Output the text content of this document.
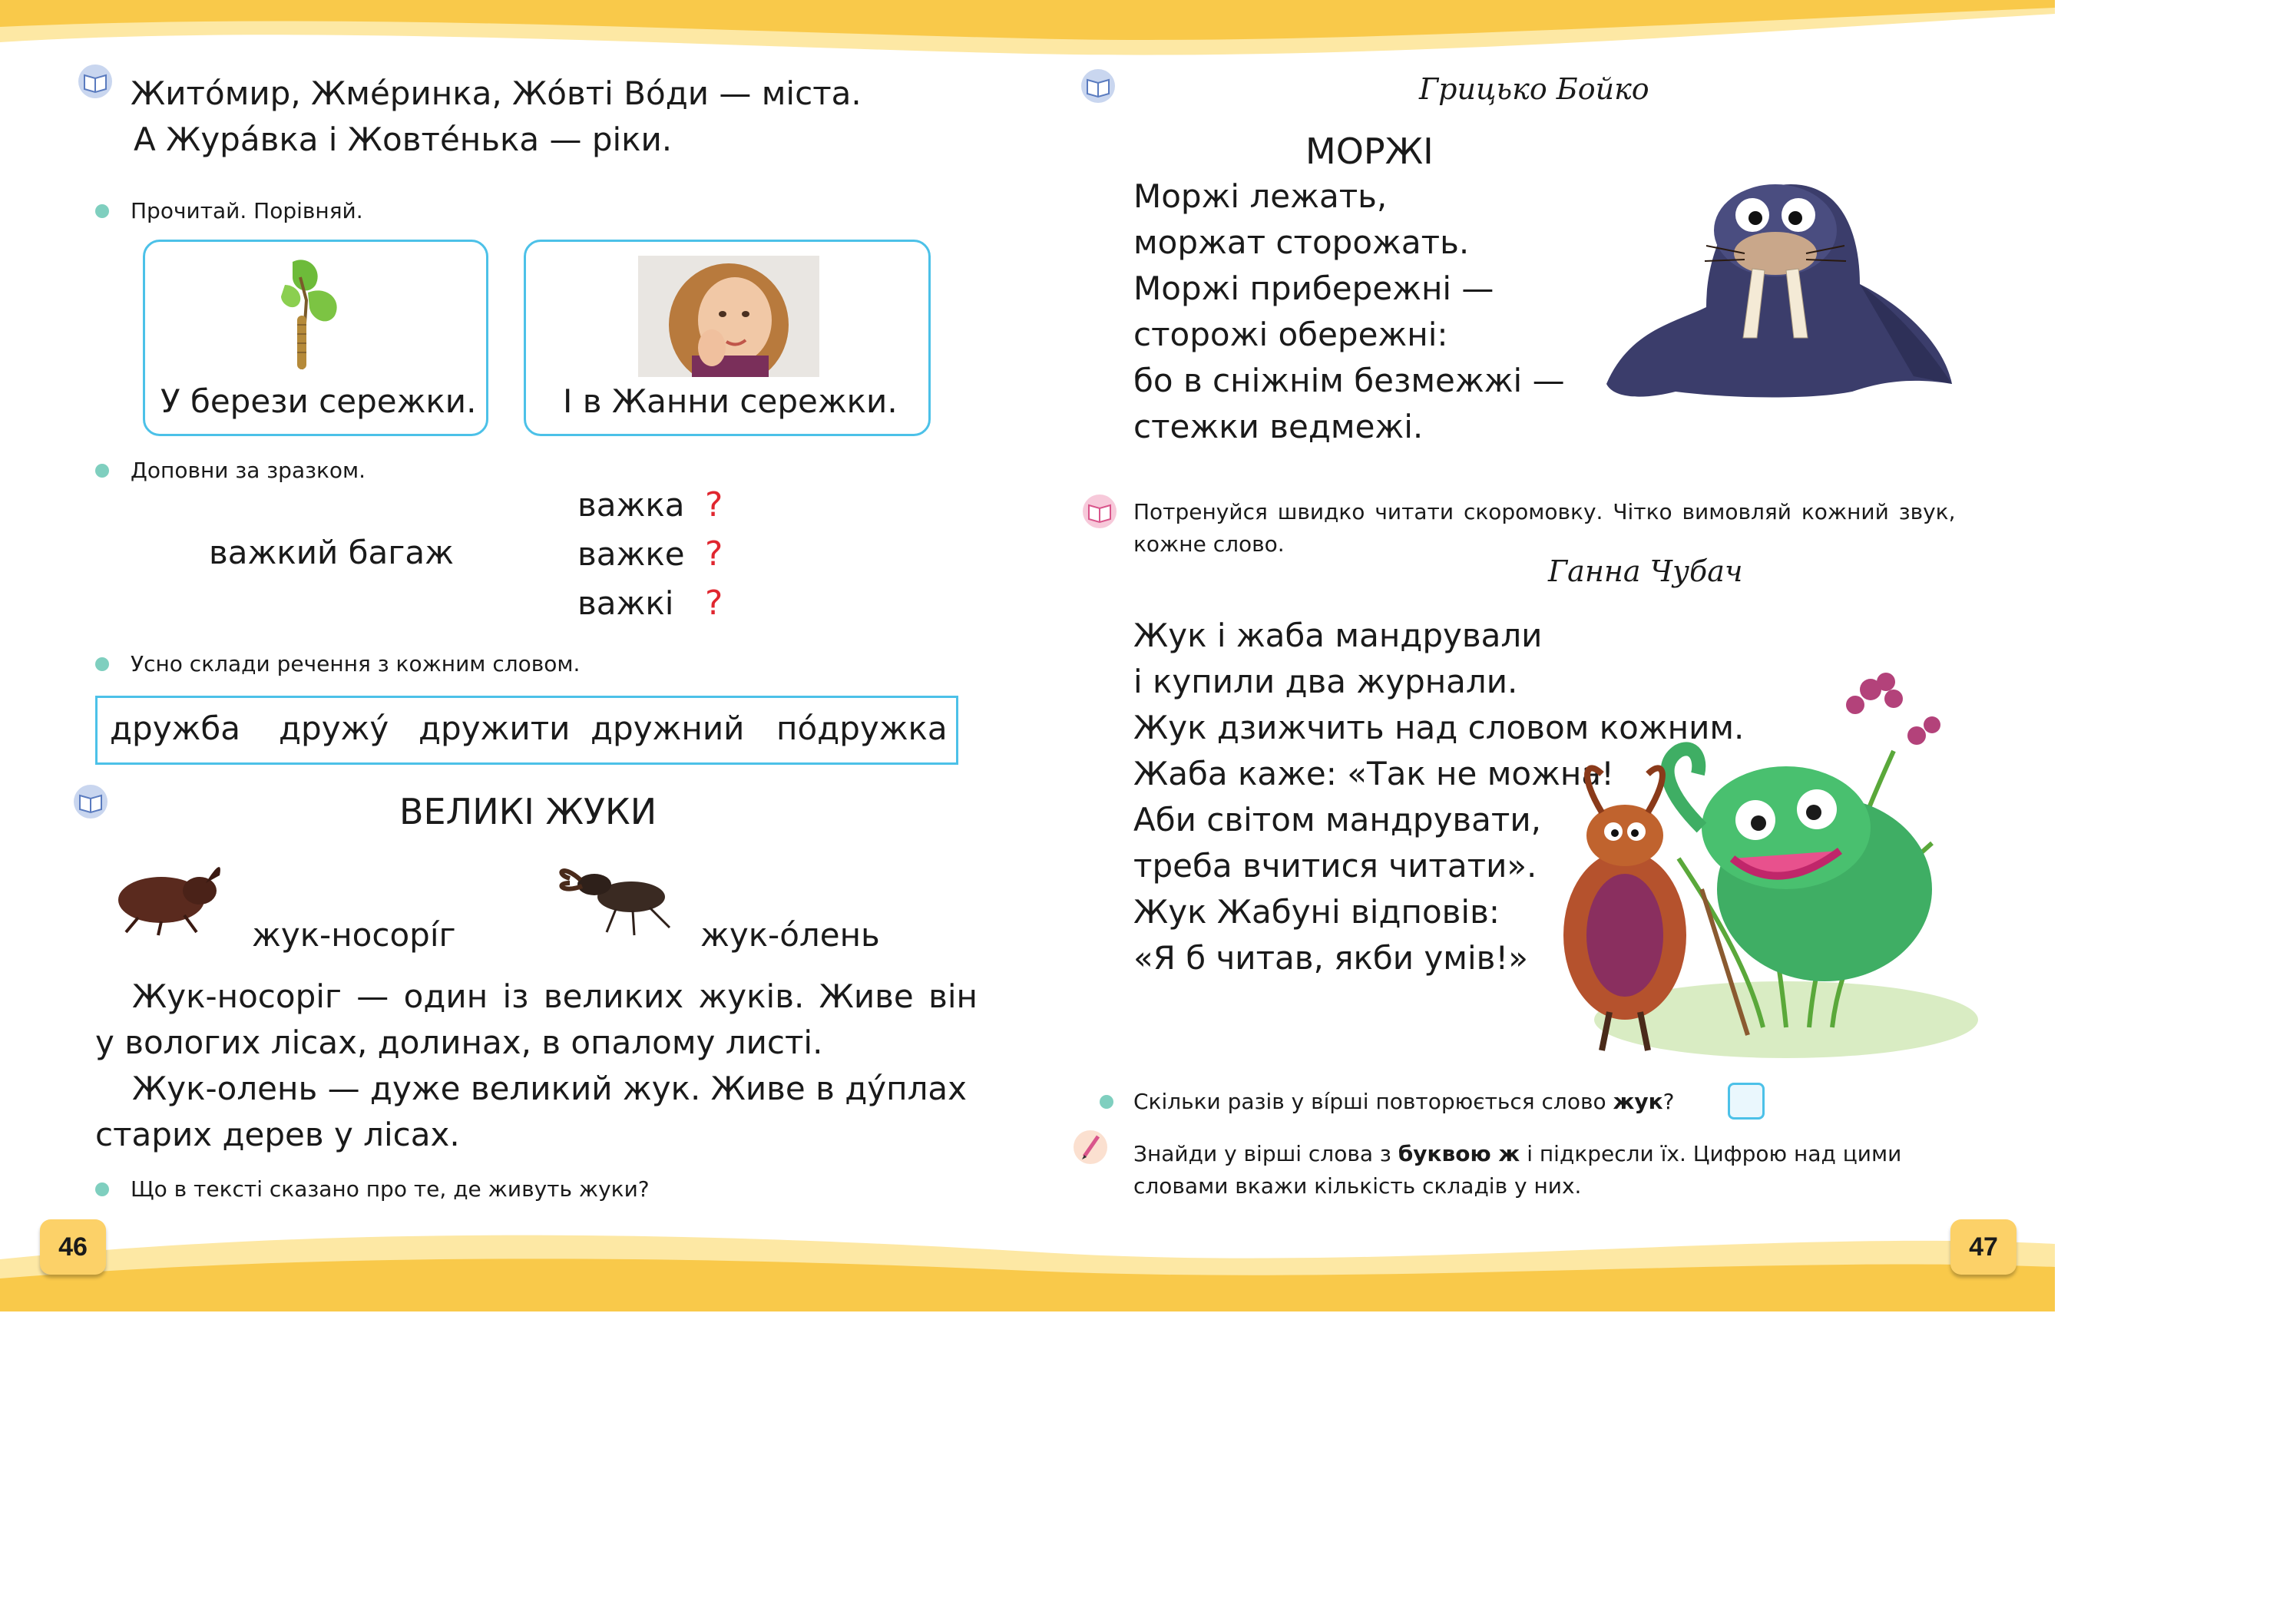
Жито́мир, Жме́ринка, Жо́вті Во́ди — міста.
А Жура́вка і Жовте́нька — ріки.
Прочитай. Порівняй.
У берези сережки.	І в Жанни сережки.
Доповни за зразком.
важкий багаж
важка ?
важке ?
важкі ?
Усно склади речення з кожним словом.
дружба дружу́ дружити дружний по́дружка
ВЕЛИКІ ЖУКИ
жук-носорі́г	жук-о́лень
Жук-носоріг — один із великих жуків. Живе він
у вологих лісах, долинах, в опалому листі.
Жук-олень — дуже великий жук. Живе в ду́плах
старих дерев у лісах.
Що в тексті сказано про те, де живуть жуки?
46
Грицько Бойко
МОРЖІ
Моржі лежать,
моржат сторожать.
Моржі прибережні —
сторожі обережні:
бо в сніжнім безмежжі —
стежки ведмежі.
Потренуйся швидко читати скоромовку. Чітко вимовляй кожний звук,
кожне слово.
Ганна Чубач
Жук і жаба мандрували
і купили два журнали.
Жук дзижчить над словом кожним.
Жаба каже: «Так не можна!
Аби світом мандрувати,
треба вчитися читати».
Жук Жабуні відповів:
«Я б читав, якби умів!»
Скільки разів у ві́рші повторюється слово жук?
Знайди у вірші слова з буквою ж і підкресли їх. Цифрою над цими
словами вкажи кількість складів у них.
47
